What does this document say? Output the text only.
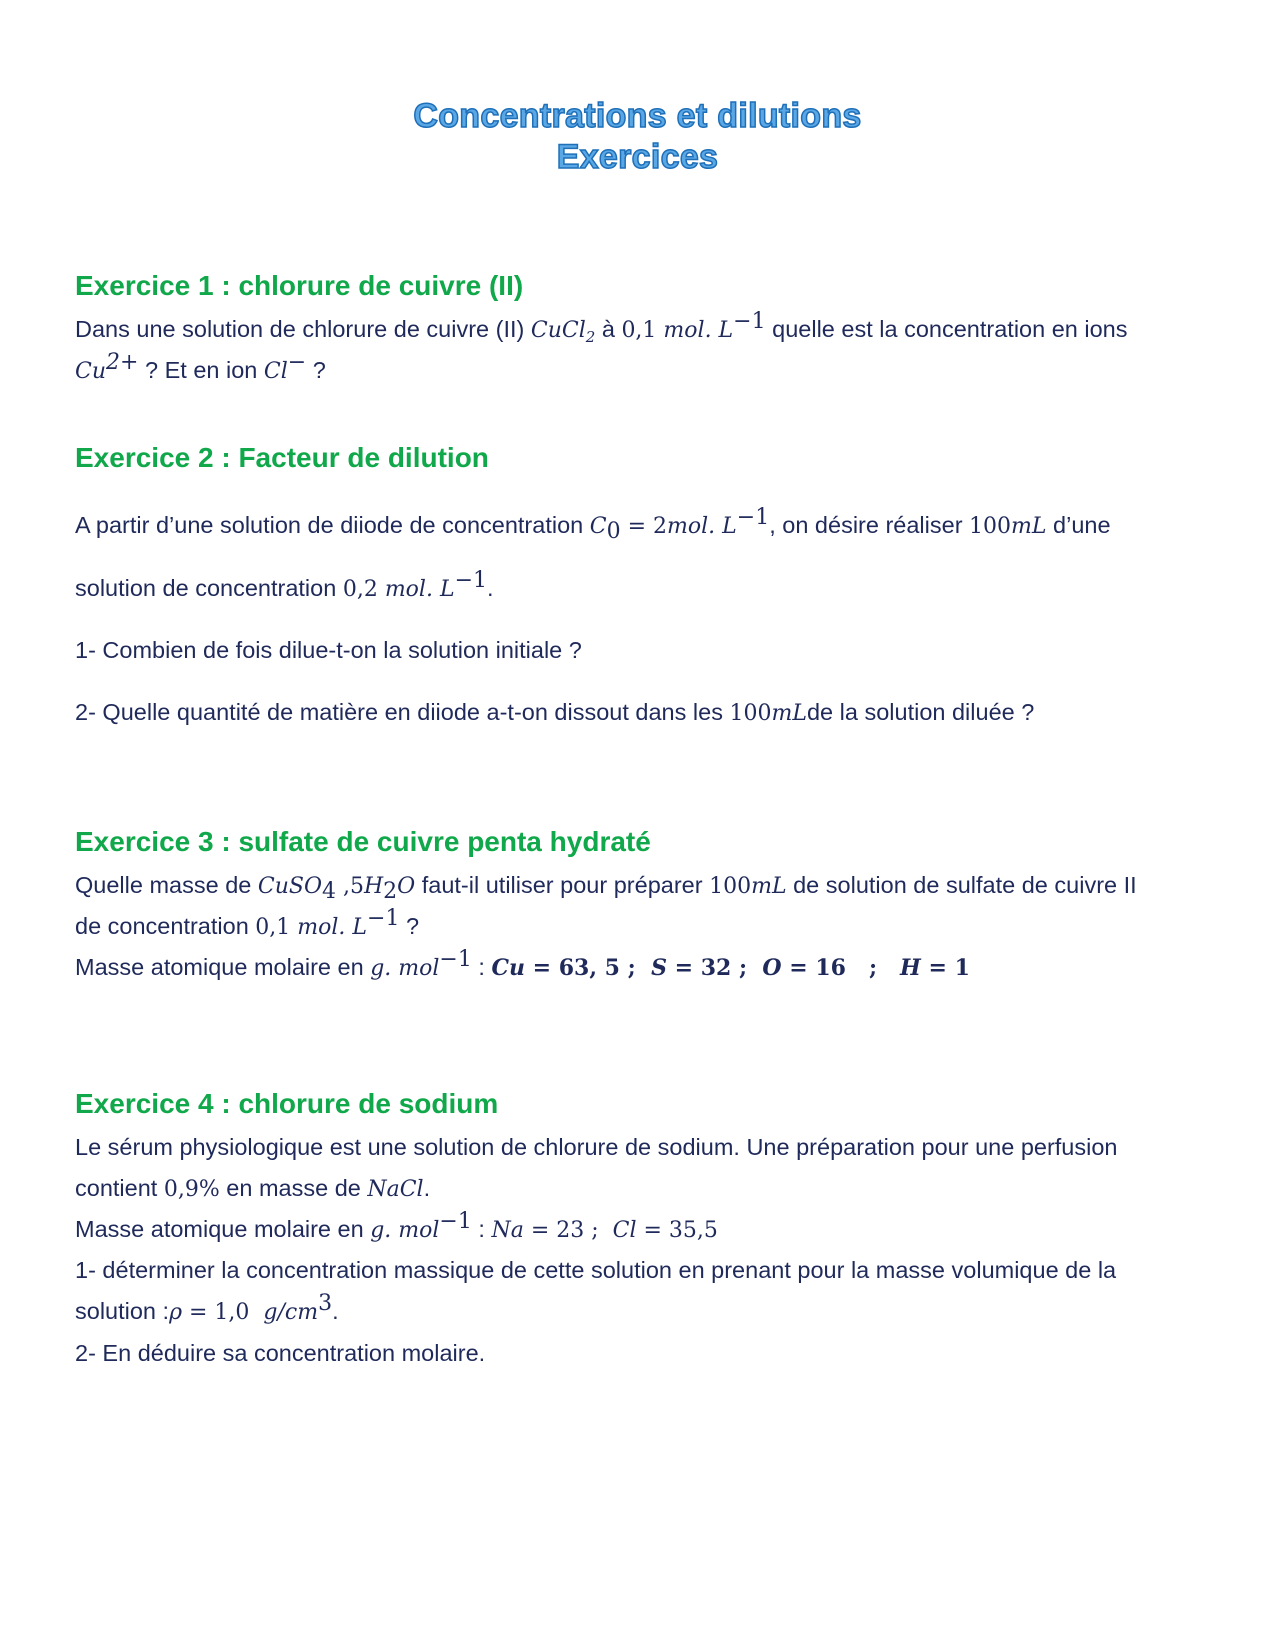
Concentrations et dilutions
Exercices
Exercice 1 : chlorure de cuivre (II)
Dans une solution de chlorure de cuivre (II) CuCl$_2$ à 0,1 mol. $L^{-1}$ quelle est la concentration en ions
$Cu^{2+}$ ? Et en ion Cl− ?
Exercice 2 : Facteur de dilution
A partir d’une solution de diiode de concentration $C_0 = 2mol$. $L^{-1}$, on désire réaliser 100mL d’une
solution de concentration 0,2 mol. $L^{-1}$.
1- Combien de fois dilue-t-on la solution initiale ?
2- Quelle quantité de matière en diiode a-t-on dissout dans les 100mLde la solution diluée ?
Exercice 3 : sulfate de cuivre penta hydraté
Quelle masse de CuSO$_4$ $,5H_2O$ faut-il utiliser pour préparer 100mL de solution de sulfate de cuivre II
de concentration 0,1 mol. $L^{-1}$ ?
Masse atomique molaire en g. mol$^{-1}$ : Cu = 63, 5 ;  S = 32 ;  O = 16   ;   H = 1
Exercice 4 : chlorure de sodium
Le sérum physiologique est une solution de chlorure de sodium. Une préparation pour une perfusion
contient 0,9% en masse de NaCl.
Masse atomique molaire en g. mol$^{-1}$ : Na = 23 ;  Cl = 35,5
1- déterminer la concentration massique de cette solution en prenant pour la masse volumique de la
solution :ρ = 1,0  $g/cm^3$.
2- En déduire sa concentration molaire.
